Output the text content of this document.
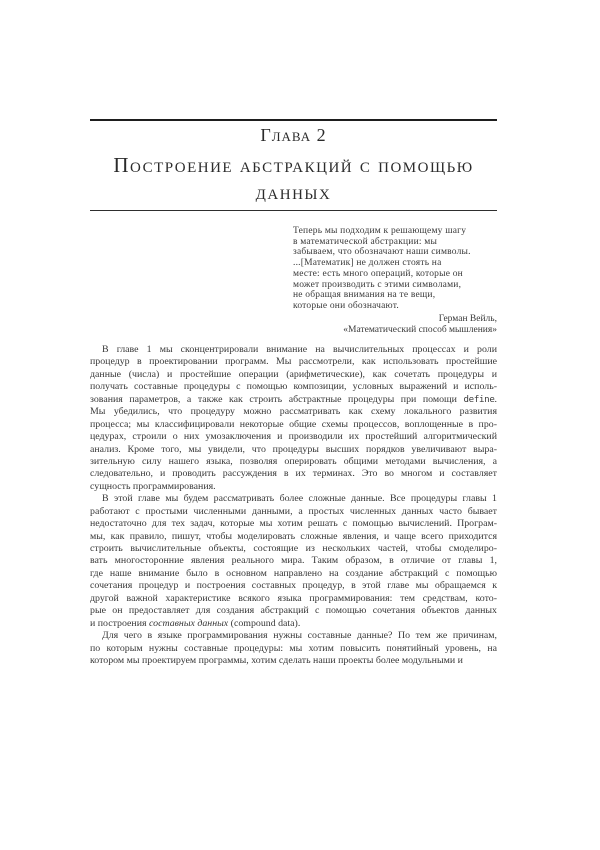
Глава 2
Построение абстракций с помощью
данных
Теперь мы подходим к решающему шагу
в математической абстракции: мы
забываем, что обозначают наши символы.
...[Математик] не должен стоять на
месте: есть много операций, которые он
может производить с этими символами,
не обращая внимания на те вещи,
которые они обозначают.
Герман Вейль,
«Математический способ мышления»
В главе 1 мы сконцентрировали внимание на вычислительных процессах и роли
процедур в проектировании программ. Мы рассмотрели, как использовать простейшие
данные (числа) и простейшие операции (арифметические), как сочетать процедуры и
получать составные процедуры с помощью композиции, условных выражений и исполь-
зования параметров, а также как строить абстрактные процедуры при помощи define.
Мы убедились, что процедуру можно рассматривать как схему локального развития
процесса; мы классифицировали некоторые общие схемы процессов, воплощенные в про-
цедурах, строили о них умозаключения и производили их простейший алгоритмический
анализ. Кроме того, мы увидели, что процедуры высших порядков увеличивают выра-
зительную силу нашего языка, позволяя оперировать общими методами вычисления, а
следовательно, и проводить рассуждения в их терминах. Это во многом и составляет
сущность программирования.
В этой главе мы будем рассматривать более сложные данные. Все процедуры главы 1
работают с простыми численными данными, а простых численных данных часто бывает
недостаточно для тех задач, которые мы хотим решать с помощью вычислений. Програм-
мы, как правило, пишут, чтобы моделировать сложные явления, и чаще всего приходится
строить вычислительные объекты, состоящие из нескольких частей, чтобы смоделиро-
вать многосторонние явления реального мира. Таким образом, в отличие от главы 1,
где наше внимание было в основном направлено на создание абстракций с помощью
сочетания процедур и построения составных процедур, в этой главе мы обращаемся к
другой важной характеристике всякого языка программирования: тем средствам, кото-
рые он предоставляет для создания абстракций с помощью сочетания объектов данных
и построения составных данных (compound data).
Для чего в языке программирования нужны составные данные? По тем же причинам,
по которым нужны составные процедуры: мы хотим повысить понятийный уровень, на
котором мы проектируем программы, хотим сделать наши проекты более модульными и
